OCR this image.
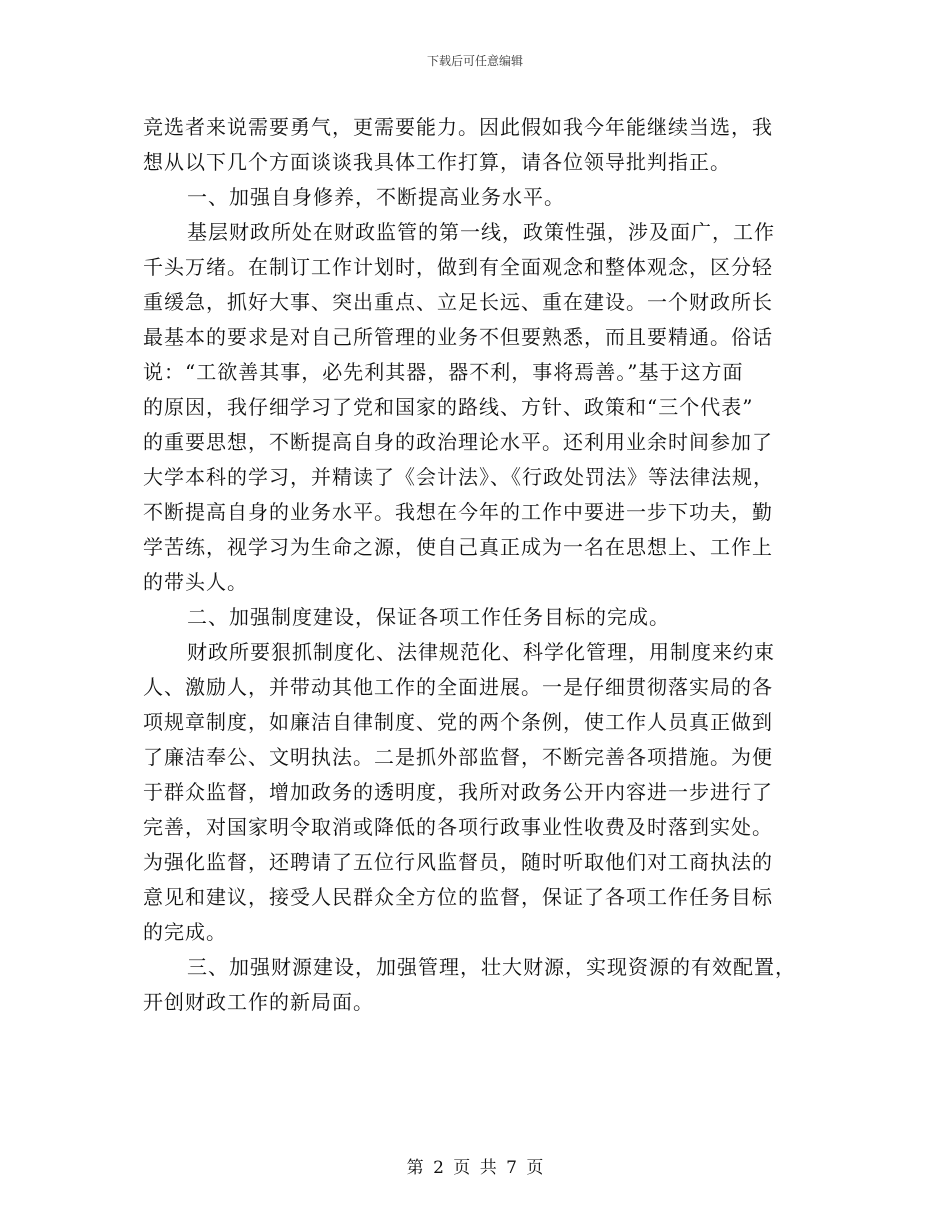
下载后可任意编辑
竞选者来说需要勇气，更需要能力。因此假如我今年能继续当选，我
想从以下几个方面谈谈我具体工作打算，请各位领导批判指正。
一、加强自身修养，不断提高业务水平。
基层财政所处在财政监管的第一线，政策性强，涉及面广，工作
千头万绪。在制订工作计划时，做到有全面观念和整体观念，区分轻
重缓急，抓好大事、突出重点、立足长远、重在建设。一个财政所长
最基本的要求是对自己所管理的业务不但要熟悉，而且要精通。俗话
说：“工欲善其事，必先利其器，器不利，事将焉善。”基于这方面
的原因，我仔细学习了党和国家的路线、方针、政策和“三个代表”
的重要思想，不断提高自身的政治理论水平。还利用业余时间参加了
大学本科的学习，并精读了《会计法》、《行政处罚法》等法律法规，
不断提高自身的业务水平。我想在今年的工作中要进一步下功夫，勤
学苦练，视学习为生命之源，使自己真正成为一名在思想上、工作上
的带头人。
二、加强制度建设，保证各项工作任务目标的完成。
财政所要狠抓制度化、法律规范化、科学化管理，用制度来约束
人、激励人，并带动其他工作的全面进展。一是仔细贯彻落实局的各
项规章制度，如廉洁自律制度、党的两个条例，使工作人员真正做到
了廉洁奉公、文明执法。二是抓外部监督，不断完善各项措施。为便
于群众监督，增加政务的透明度，我所对政务公开内容进一步进行了
完善，对国家明令取消或降低的各项行政事业性收费及时落到实处。
为强化监督，还聘请了五位行风监督员，随时听取他们对工商执法的
意见和建议，接受人民群众全方位的监督，保证了各项工作任务目标
的完成。
三、加强财源建设，加强管理，壮大财源，实现资源的有效配置，
开创财政工作的新局面。
第 2 页 共 7 页
